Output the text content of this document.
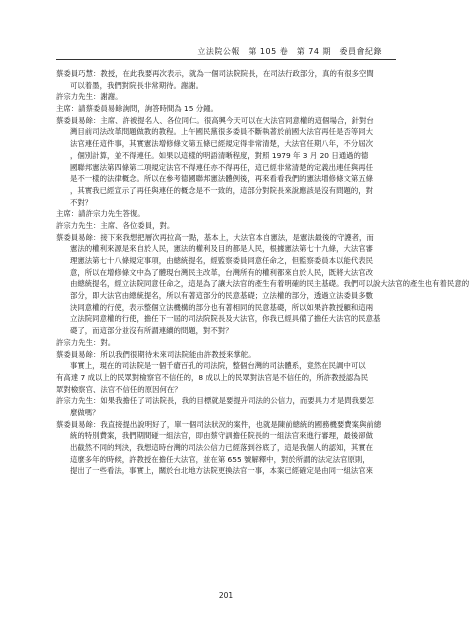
立法院公報　第 105 卷　第 74 期　委員會紀錄
蔡委員巧慧：教授，在此我要再次表示，就為一個司法院院長，在司法行政部分，真的有很多空間
可以着墨，我們對院長非常期待。謝謝。
許宗力先生：謝謝。
主席：請蔡委員易餘詢問，詢答時間為 15 分鐘。
蔡委員易餘：主席、許被提名人、各位同仁。很高興今天可以在大法官同意權的這個場合，針對台
灣目前司法改革問題做教的教程。上午國民黨很多委員不斷執著於前國大法官再任是否等同大
法官連任這件事，其實憲法增修條文第五條已經規定得非常清楚，大法官任期八年，不分屆次
，個別計算，並不得連任。如果以這樣的明語清晰程度，對照 1979 年 3 月 20 日通過的德
國聯邦憲法第四條第二項規定法官不得連任亦不得再任，這已經非常清楚的定義出連任與再任
是不一樣的法律概念。所以在參考德國聯邦憲法體例後，再來看看我們的憲法增修條文第五條
，其實我已經宣示了再任與連任的概念是不一致的，這部分對院長來說應該是沒有問題的，對
不對？
主席：請許宗力先生答復。
許宗力先生：主席、各位委員，對。
蔡委員易餘：接下來我想把層次再拉高一點，基本上，大法官本自憲法，是憲法最後的守護者，而
憲法的權利來源是來自於人民，憲法的權利及目的都是人民，根據憲法第七十九條，大法官審
理憲法第七十八條規定事項，由總統提名，經監察委員同意任命之，但監察委員本以能代表民
意，所以在增修條文中為了體現台灣民主改革，台灣所有的權利都來自於人民，既將大法官改
由總統提名，經立法院同意任命之，這是為了讓大法官的產生有着明確的民主基礎。我們可以說大法官的產生也有着民意的
部分，即大法官由總統提名，所以有著這部分的民意基礎；立法權的部分，透過立法委員多數
決同意權的行使，表示整個立法機構的部分也有著相同的民意基礎，所以如果許教授顧和這兩
立法院同意權的行使，擔任下一屆的司法院院長及大法官，你我已經具備了擔任大法官的民意基
礎了，而這部分並沒有所謂連續的問題，對不對？
許宗力先生：對。
蔡委員易餘：所以我們很期待未來司法院能由許教授來掌舵。
事實上，現在的司法院是一個千瘡百孔的司法院，整個台灣的司法體系，竟然在民調中可以
有高達 7 成以上的民眾對檢察官不信任的，8 成以上的民眾對法官是不信任的，所許教授認為民
眾對檢察官、法官不信任的原因何在？
許宗力先生：如果我擔任了司法院長，我的目標就是要提升司法的公信力，而要具力才是問我要怎
麼做嗎？
蔡委員易餘：我直接提出說明好了，單一個司法狀況的案件，也就是陳前總統的國務機要費案與前總
統的特別費案，我們期間碰一組法官，即由蔡守訓擔任院長的一組法官來進行審理，最後卻做
出截然不同的判決，我想這時台灣的司法公信力已經落到谷底了，這是我個人的認知，其實在
這麼多年的時候，許教授在擔任大法官，並在第 655 號解釋中，對於所謂的法定法官原則，
提出了一些看法，事實上，關於台北地方法院更換法官一事，本案已經確定是由同一組法官來
201
